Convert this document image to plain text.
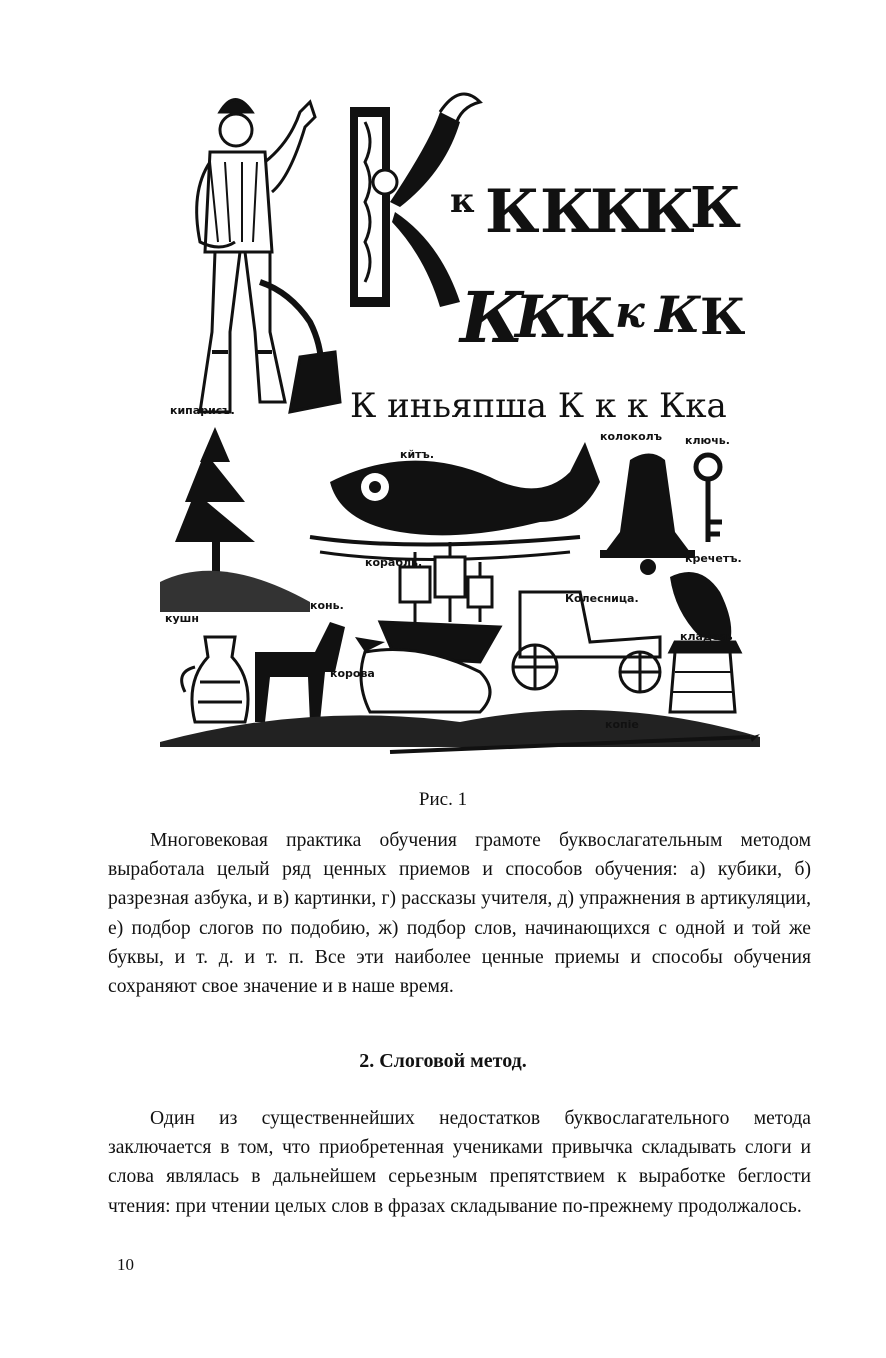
к К К
К
К
К
К
К
К к К К
К иньяпша К к к Кка
кипарисъ.
кйтъ.
колоколъ ключь.
кречетъ.
корабль.
Колесница.
кушн
конь.
корова
кладезь
копіе
Рис. 1

Многовековая практика обучения грамоте буквослагательным методом выработала целый ряд ценных приемов и способов обучения: а) кубики, б) разрезная азбука, и в) картинки, г) рассказы учителя, д) упражнения в артикуляции, е) подбор слогов по подобию, ж) подбор слов, начинающихся с одной и той же буквы, и т. д. и т. п. Все эти наиболее ценные приемы и способы обучения сохраняют свое значение и в наше время.

2. Слоговой метод.

Один из существеннейших недостатков буквослагательного метода заключается в том, что приобретенная учениками привычка складывать слоги и слова являлась в дальнейшем серьезным препятствием к выработке беглости чтения: при чтении целых слов в фразах складывание по-прежнему продолжалось.

10
